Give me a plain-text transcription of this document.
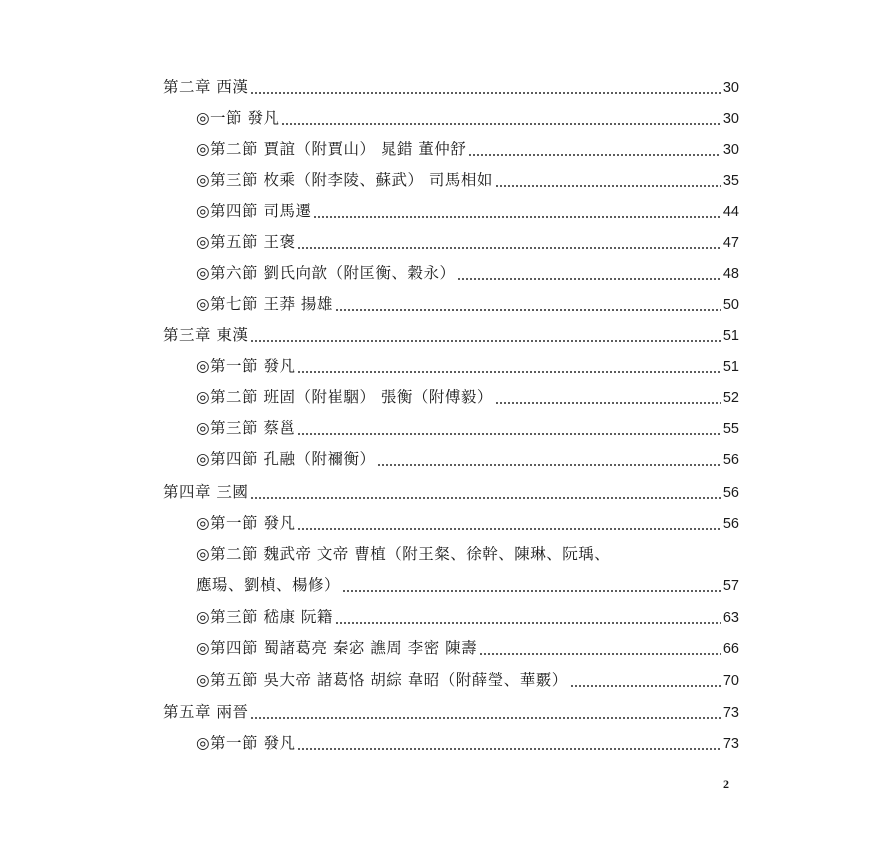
第二章 西漢	30
◎一節 發凡	30
◎第二節 賈誼（附賈山） 晁錯 董仲舒	30
◎第三節 枚乘（附李陵、蘇武） 司馬相如	35
◎第四節 司馬遷	44
◎第五節 王褒	47
◎第六節 劉氏向歆（附匡衡、穀永）	48
◎第七節 王莽 揚雄	50
第三章 東漢	51
◎第一節 發凡	51
◎第二節 班固（附崔駰） 張衡（附傅毅）	52
◎第三節 蔡邕	55
◎第四節 孔融（附禰衡）	56
第四章 三國	56
◎第一節 發凡	56
◎第二節 魏武帝 文帝 曹植（附王粲、徐幹、陳琳、阮瑀、
應瑒、劉楨、楊修）	57
◎第三節 嵇康 阮籍	63
◎第四節 蜀諸葛亮 秦宓 譙周 李密 陳壽	66
◎第五節 吳大帝 諸葛恪 胡綜 韋昭（附薛瑩、華覈）	70
第五章 兩晉	73
◎第一節 發凡	73
2
